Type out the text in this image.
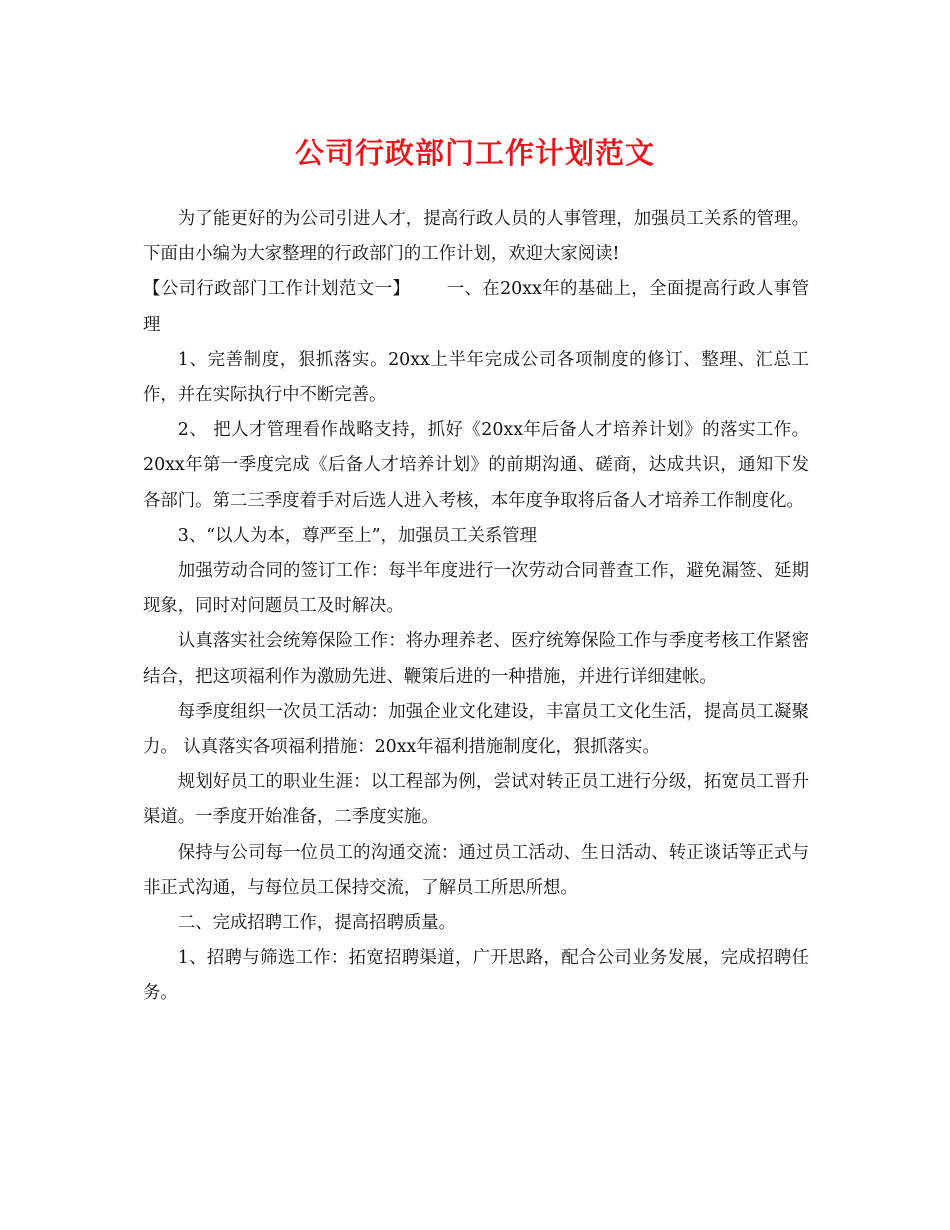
公司行政部门工作计划范文

为了能更好的为公司引进人才，提高行政人员的人事管理，加强员工关系的管理。下面由小编为大家整理的行政部门的工作计划，欢迎大家阅读!

【公司行政部门工作计划范文一】 一、在20xx年的基础上，全面提高行政人事管理

1、完善制度，狠抓落实。20xx上半年完成公司各项制度的修订、整理、汇总工作，并在实际执行中不断完善。

2、 把人才管理看作战略支持，抓好《20xx年后备人才培养计划》的落实工作。20xx年第一季度完成《后备人才培养计划》的前期沟通、磋商，达成共识，通知下发各部门。第二三季度着手对后选人进入考核，本年度争取将后备人才培养工作制度化。

3、“以人为本，尊严至上”，加强员工关系管理

加强劳动合同的签订工作：每半年度进行一次劳动合同普查工作，避免漏签、延期现象，同时对问题员工及时解决。

认真落实社会统筹保险工作：将办理养老、医疗统筹保险工作与季度考核工作紧密结合，把这项福利作为激励先进、鞭策后进的一种措施，并进行详细建帐。

每季度组织一次员工活动：加强企业文化建设，丰富员工文化生活，提高员工凝聚力。 认真落实各项福利措施：20xx年福利措施制度化，狠抓落实。

规划好员工的职业生涯：以工程部为例，尝试对转正员工进行分级，拓宽员工晋升渠道。一季度开始准备，二季度实施。

保持与公司每一位员工的沟通交流：通过员工活动、生日活动、转正谈话等正式与非正式沟通，与每位员工保持交流，了解员工所思所想。

二、完成招聘工作，提高招聘质量。

1、招聘与筛选工作：拓宽招聘渠道，广开思路，配合公司业务发展，完成招聘任务。
